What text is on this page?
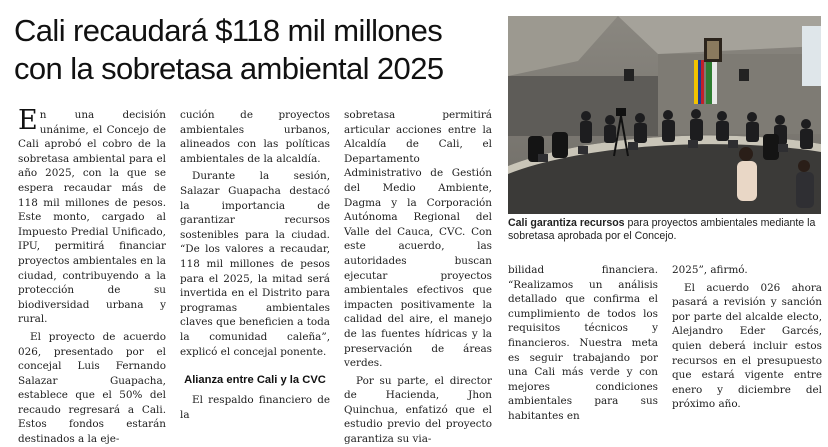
Cali recaudará $118 mil millones
con la sobretasa ambiental 2025
Cali garantiza recursos para proyectos ambientales mediante la sobretasa aprobada por el Concejo.

En una decisión unánime, el Concejo de Cali aprobó el cobro de la sobretasa ambiental para el año 2025, con la que se espera recaudar más de 118 mil millones de pesos. Este monto, cargado al Impuesto Predial Unificado, IPU, permitirá financiar proyectos ambientales en la ciudad, contribuyendo a la protección de su biodiversidad urbana y rural.

El proyecto de acuerdo 026, presentado por el concejal Luis Fernando Salazar Guapacha, establece que el 50% del recaudo regresará a Cali. Estos fondos estarán destinados a la eje-

cución de proyectos ambientales urbanos, alineados con las políticas ambientales de la alcaldía.

Durante la sesión, Salazar Guapacha destacó la importancia de garantizar recursos sostenibles para la ciudad. “De los valores a recaudar, 118 mil millones de pesos para el 2025, la mitad será invertida en el Distrito para programas ambientales claves que beneficien a toda la comunidad caleña”, explicó el concejal ponente.

Alianza entre Cali y la CVC

El respaldo financiero de la

sobretasa permitirá articular acciones entre la Alcaldía de Cali, el Departamento Administrativo de Gestión del Medio Ambiente, Dagma y la Corporación Autónoma Regional del Valle del Cauca, CVC. Con este acuerdo, las autoridades buscan ejecutar proyectos ambientales efectivos que impacten positivamente la calidad del aire, el manejo de las fuentes hídricas y la preservación de áreas verdes.

Por su parte, el director de Hacienda, Jhon Quinchua, enfatizó que el estudio previo del proyecto garantiza su via-

bilidad financiera. “Realizamos un análisis detallado que confirma el cumplimiento de todos los requisitos técnicos y financieros. Nuestra meta es seguir trabajando por una Cali más verde y con mejores condiciones ambientales para sus habitantes en

2025”, afirmó.

El acuerdo 026 ahora pasará a revisión y sanción por parte del alcalde electo, Alejandro Eder Garcés, quien deberá incluir estos recursos en el presupuesto que estará vigente entre enero y diciembre del próximo año.
